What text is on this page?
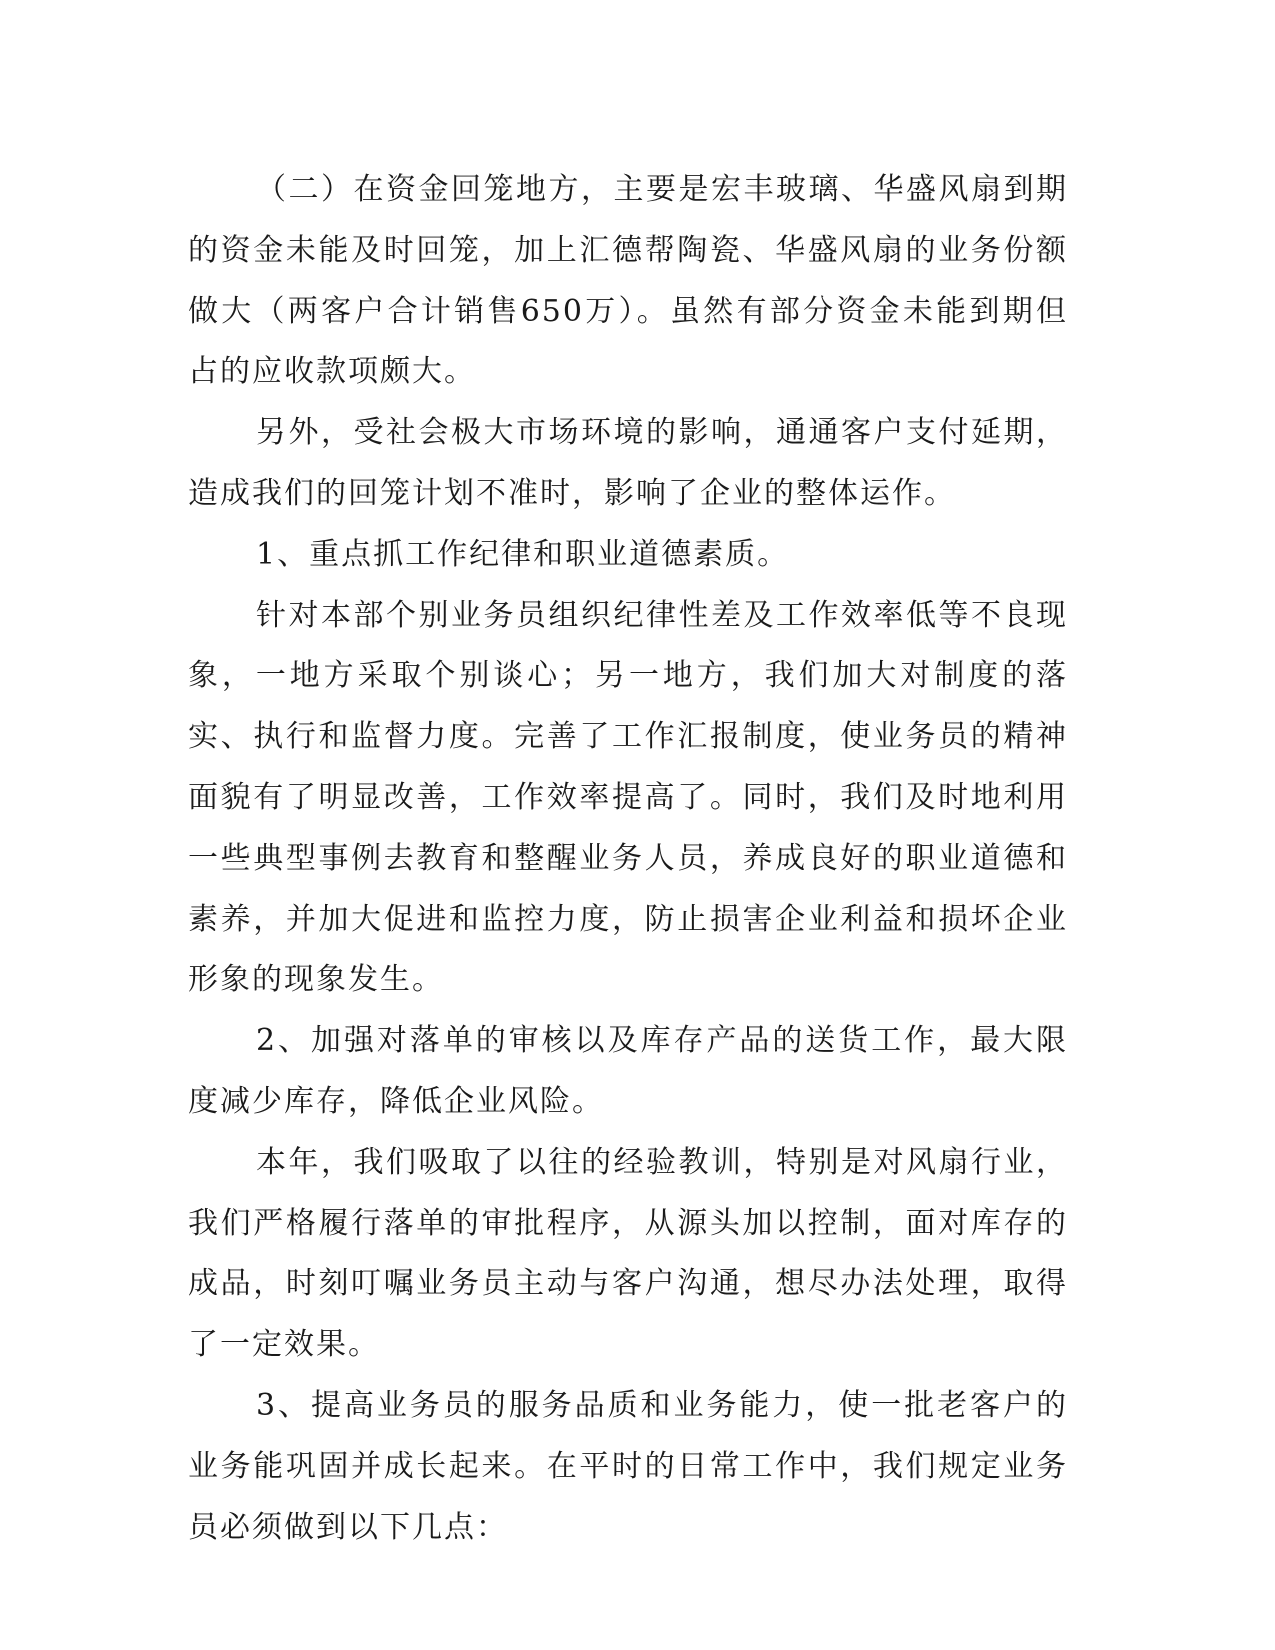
（二）在资金回笼地方，主要是宏丰玻璃、华盛风扇到期的资金未能及时回笼，加上汇德帮陶瓷、华盛风扇的业务份额做大（两客户合计销售650万）。虽然有部分资金未能到期但占的应收款项颇大。

另外，受社会极大市场环境的影响，通通客户支付延期，造成我们的回笼计划不准时，影响了企业的整体运作。

1、重点抓工作纪律和职业道德素质。

针对本部个别业务员组织纪律性差及工作效率低等不良现象，一地方采取个别谈心；另一地方，我们加大对制度的落实、执行和监督力度。完善了工作汇报制度，使业务员的精神面貌有了明显改善，工作效率提高了。同时，我们及时地利用一些典型事例去教育和整醒业务人员，养成良好的职业道德和素养，并加大促进和监控力度，防止损害企业利益和损坏企业形象的现象发生。

2、加强对落单的审核以及库存产品的送货工作，最大限度减少库存，降低企业风险。

本年，我们吸取了以往的经验教训，特别是对风扇行业，我们严格履行落单的审批程序，从源头加以控制，面对库存的成品，时刻叮嘱业务员主动与客户沟通，想尽办法处理，取得了一定效果。

3、提高业务员的服务品质和业务能力，使一批老客户的业务能巩固并成长起来。在平时的日常工作中，我们规定业务员必须做到以下几点：
